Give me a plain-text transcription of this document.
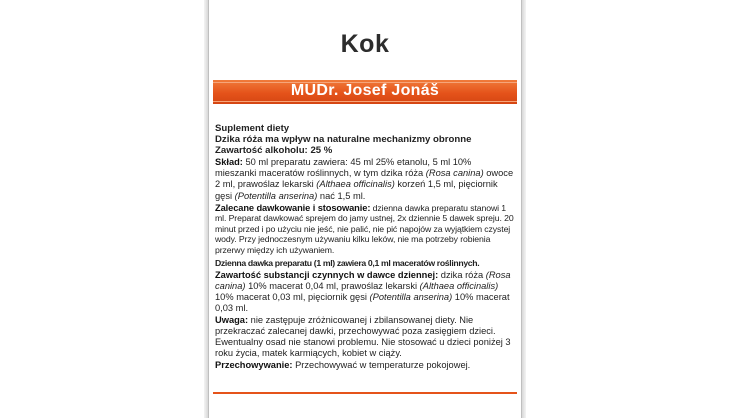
Kok
MUDr. Josef Jonáš

Suplement diety

Dzika róża ma wpływ na naturalne mechanizmy obronne

Zawartość alkoholu: 25 %

Skład: 50 ml preparatu zawiera: 45 ml 25% etanolu, 5 ml 10% mieszanki maceratów roślinnych, w tym dzika róża (Rosa canina) owoce 2 ml, prawoślaz lekarski (Althaea officinalis) korzeń 1,5 ml, pięciornik gęsi (Potentilla anserina) nać 1,5 ml.

Zalecane dawkowanie i stosowanie: dzienna dawka preparatu stanowi 1 ml. Preparat dawkować sprejem do jamy ustnej, 2x dziennie 5 dawek spreju. 20 minut przed i po użyciu nie jeść, nie palić, nie pić napojów za wyjątkiem czystej wody. Przy jednoczesnym używaniu kilku leków, nie ma potrzeby robienia przerwy między ich używaniem.

Dzienna dawka preparatu (1 ml) zawiera 0,1 ml maceratów roślinnych.

Zawartość substancji czynnych w dawce dziennej: dzika róża (Rosa canina) 10% macerat 0,04 ml, prawoślaz lekarski (Althaea officinalis) 10% macerat 0,03 ml, pięciornik gęsi (Potentilla anserina) 10% macerat 0,03 ml.

Uwaga: nie zastępuje zróżnicowanej i zbilansowanej diety. Nie przekraczać zalecanej dawki, przechowywać poza zasięgiem dzieci. Ewentualny osad nie stanowi problemu. Nie stosować u dzieci poniżej 3 roku życia, matek karmiących, kobiet w ciąży.

Przechowywanie: Przechowywać w temperaturze pokojowej.
